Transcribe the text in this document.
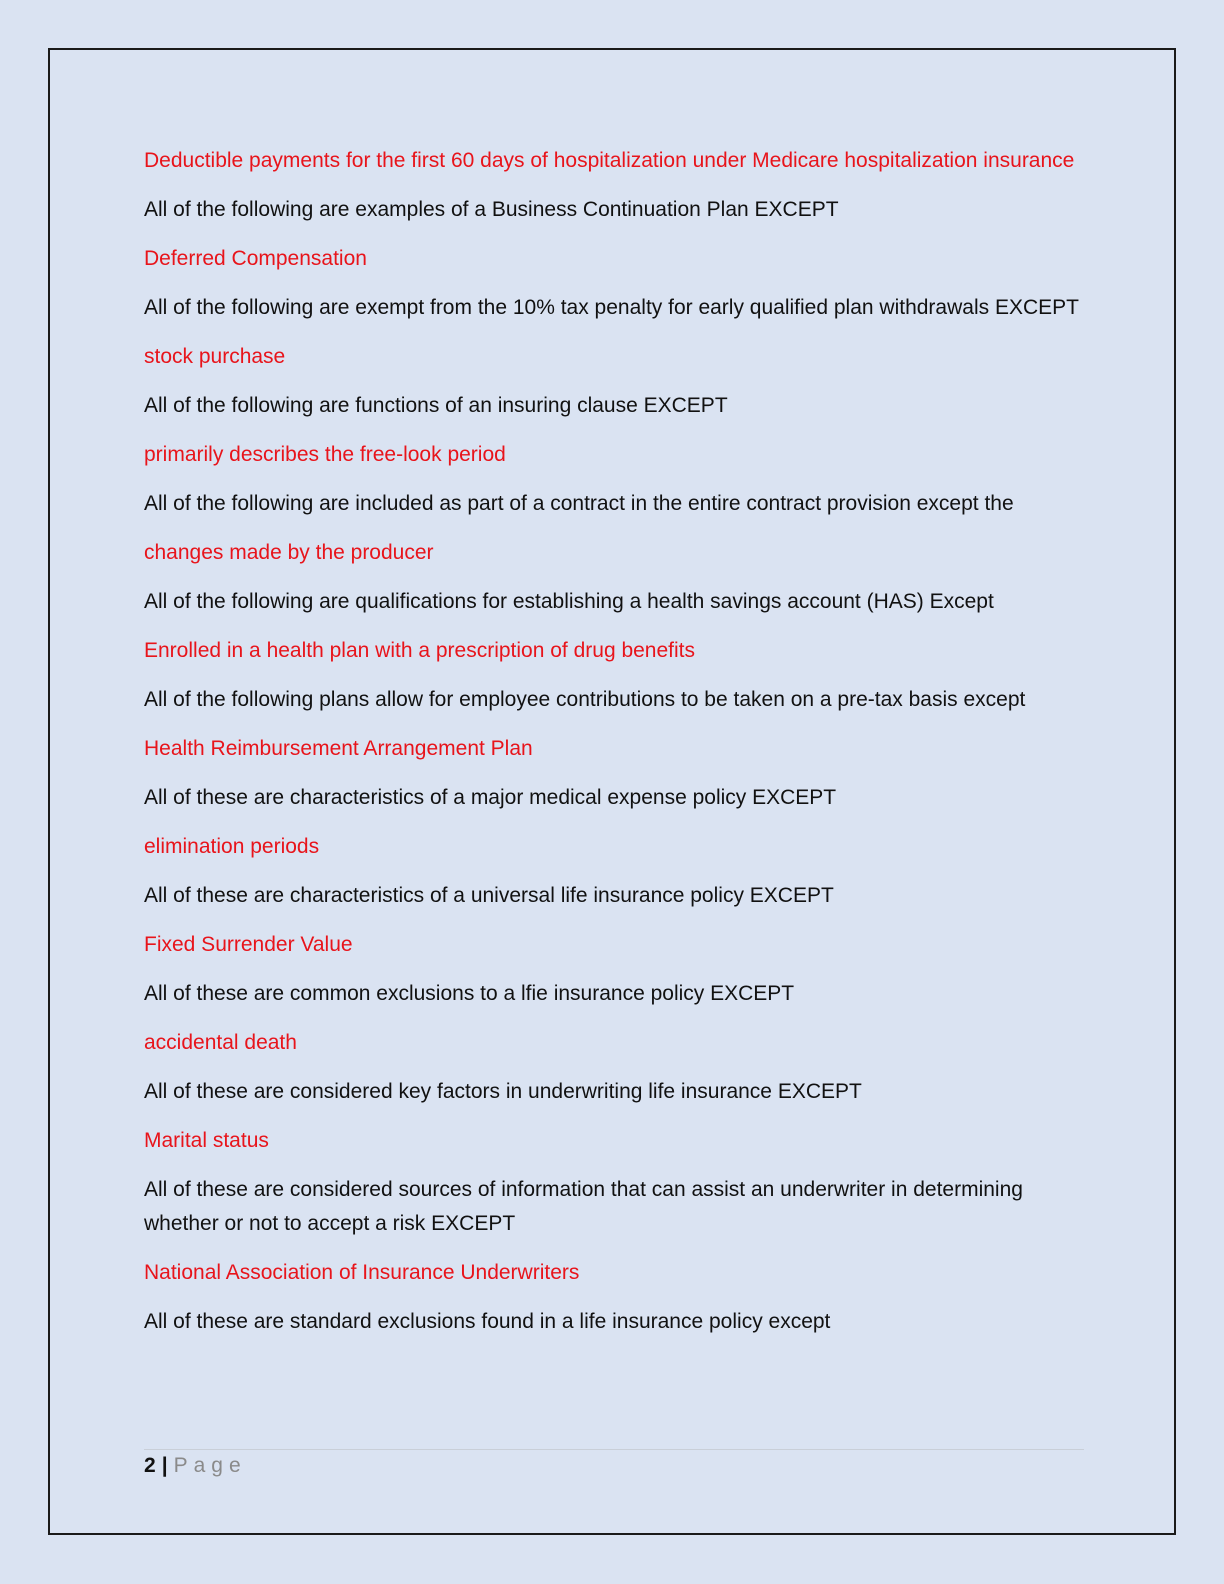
Deductible payments for the first 60 days of hospitalization under Medicare hospitalization insurance

All of the following are examples of a Business Continuation Plan EXCEPT

Deferred Compensation

All of the following are exempt from the 10% tax penalty for early qualified plan withdrawals EXCEPT

stock purchase

All of the following are functions of an insuring clause EXCEPT

primarily describes the free-look period

All of the following are included as part of a contract in the entire contract provision except the

changes made by the producer

All of the following are qualifications for establishing a health savings account (HAS) Except

Enrolled in a health plan with a prescription of drug benefits

All of the following plans allow for employee contributions to be taken on a pre-tax basis except

Health Reimbursement Arrangement Plan

All of these are characteristics of a major medical expense policy EXCEPT

elimination periods

All of these are characteristics of a universal life insurance policy EXCEPT

Fixed Surrender Value

All of these are common exclusions to a lfie insurance policy EXCEPT

accidental death

All of these are considered key factors in underwriting life insurance EXCEPT

Marital status

All of these are considered sources of information that can assist an underwriter in determining whether or not to accept a risk EXCEPT

National Association of Insurance Underwriters

All of these are standard exclusions found in a life insurance policy except

2 | Page
